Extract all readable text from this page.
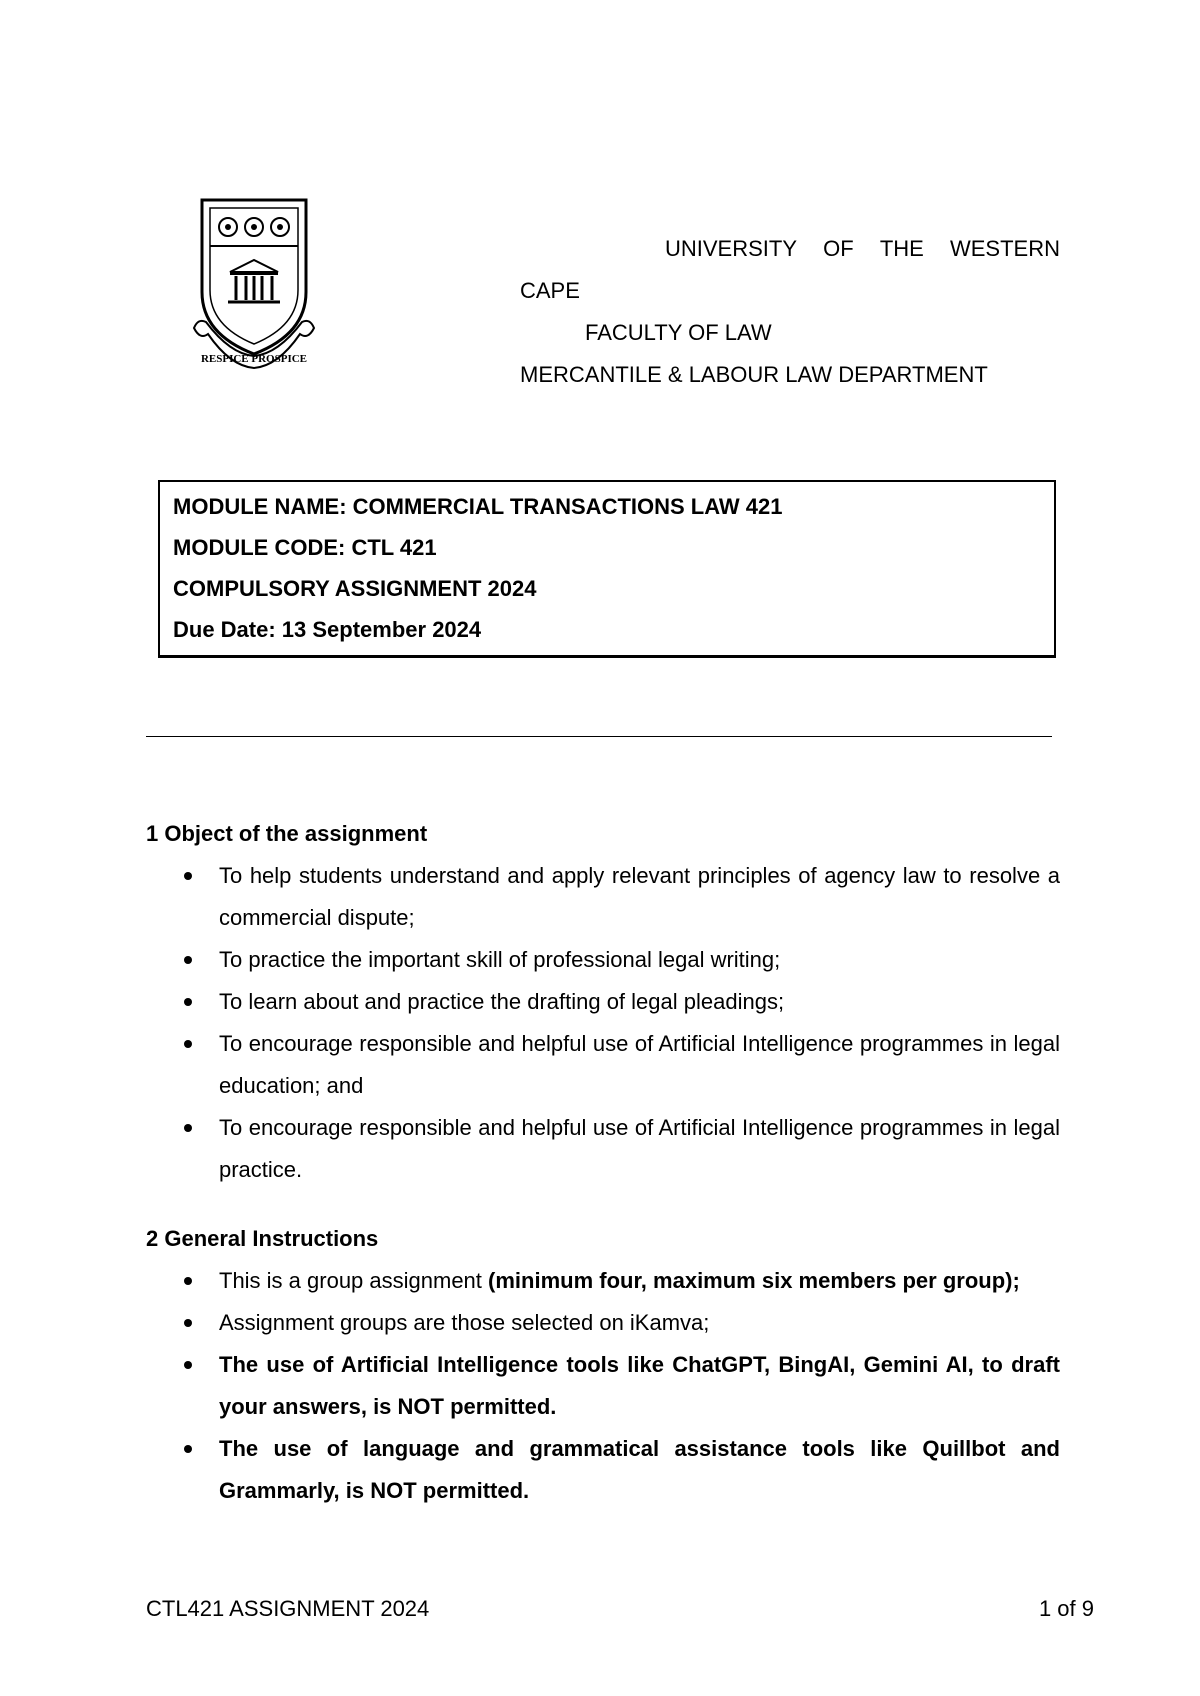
RESPICE PROSPICE
UNIVERSITY OF THE WESTERN
CAPE
FACULTY OF LAW
MERCANTILE & LABOUR LAW DEPARTMENT
MODULE NAME: COMMERCIAL TRANSACTIONS LAW 421
MODULE CODE: CTL 421
COMPULSORY ASSIGNMENT 2024
Due Date: 13 September 2024
1 Object of the assignment
To help students understand and apply relevant principles of agency law to resolve a commercial dispute;
To practice the important skill of professional legal writing;
To learn about and practice the drafting of legal pleadings;
To encourage responsible and helpful use of Artificial Intelligence programmes in legal education; and
To encourage responsible and helpful use of Artificial Intelligence programmes in legal practice.
2 General Instructions
This is a group assignment (minimum four, maximum six members per group);
Assignment groups are those selected on iKamva;
The use of Artificial Intelligence tools like ChatGPT, BingAI, Gemini AI, to draft your answers, is NOT permitted.
The use of language and grammatical assistance tools like Quillbot and Grammarly, is NOT permitted.
CTL421 ASSIGNMENT 2024	1 of 9
